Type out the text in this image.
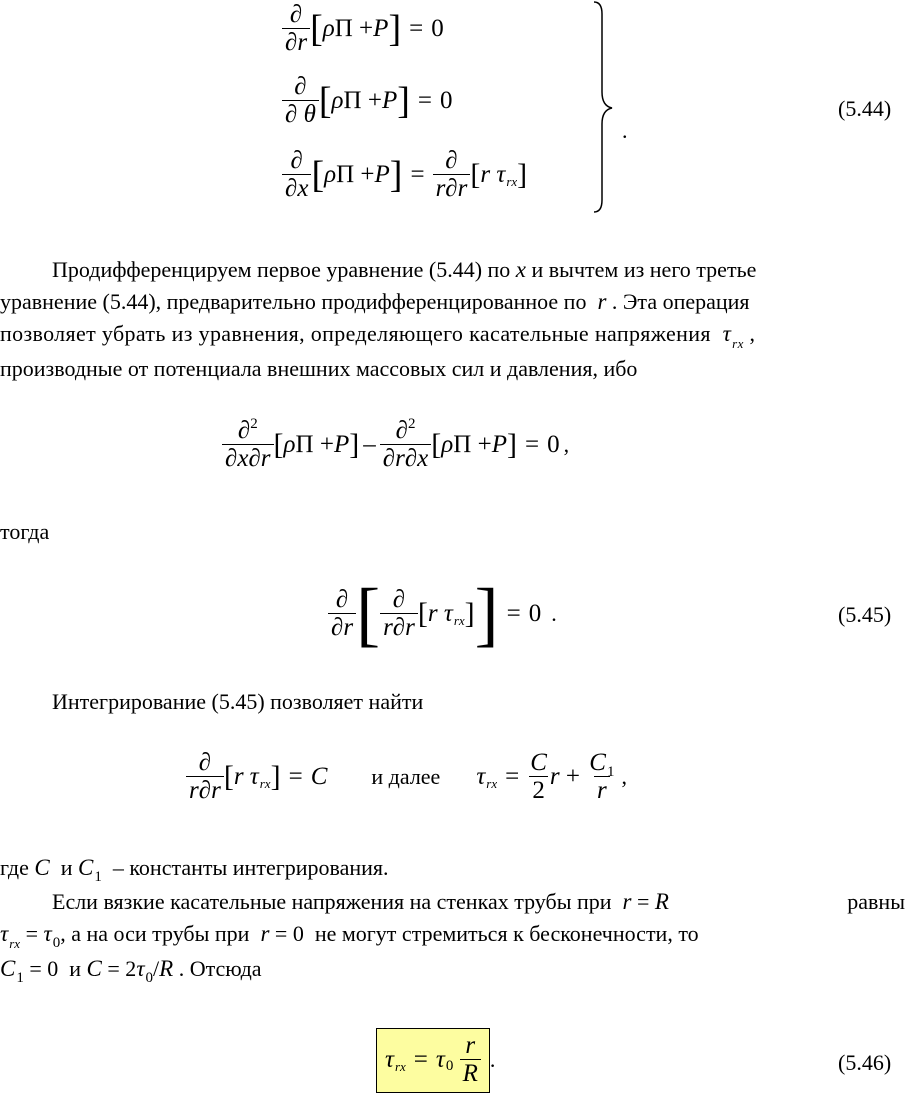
$\frac{\partial}{\partial r}$ [ ρ Π + P ] = 0
$\frac{\partial}{\partial \theta}$ [ ρ Π + P ] = 0
$\frac{\partial}{\partial x}$ [ ρ Π + P ] = $\frac{\partial}{r\partial r}$ [ r τ rx ]
.
(5.44)
Продифференцируем первое уравнение (5.44) по x и вычтем из него третье
уравнение (5.44), предварительно продифференцированное по r . Эта операция
позволяет убрать из уравнения, определяющего касательные напряжения $\tau_{rx}$ ,
производные от потенциала внешних массовых сил и давления, ибо
$\frac{\partial^2}{\partial x\partial r}$ [ ρ Π + P ] – $\frac{\partial^2}{\partial r\partial x}$ [ ρ Π + P ] = 0 ,
тогда
$\frac{\partial}{\partial r}$ [ $\frac{\partial}{r\partial r}$ [ r τ rx ] ] = 0 .	(5.45)
Интегрирование (5.45) позволяет найти
$\frac{\partial}{r\partial r}$ [ r τ rx ] = C и далее τ rx = $\frac{C}{2}$ $r + \frac{C_1}{r}$ ,
где C и $C_1$ – константы интегрирования.
Если вязкие касательные напряжения на стенках трубы при r = R	равны
$\tau_{rx} = \tau_0$, а на оси трубы при r = 0  не могут стремиться к бесконечности, то
$C_1 = 0$  и $C = 2\tau_0/R$ . Отсюда
τ rx = τ 0
$\frac{r}{R}$ .	(5.46)
